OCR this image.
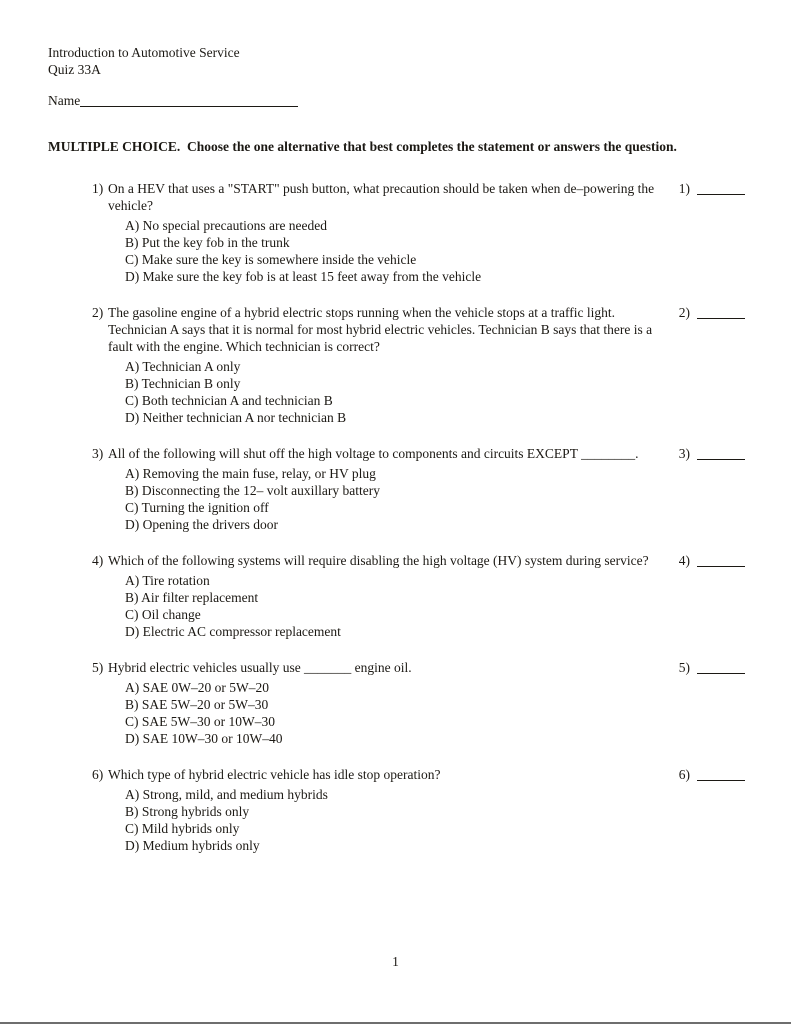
Introduction to Automotive Service
Quiz 33A
Name
MULTIPLE CHOICE.  Choose the one alternative that best completes the statement or answers the question.
1) On a HEV that uses a "START" push button, what precaution should be taken when de–powering the vehicle?
A) No special precautions are needed
B) Put the key fob in the trunk
C) Make sure the key is somewhere inside the vehicle
D) Make sure the key fob is at least 15 feet away from the vehicle
1)
2) The gasoline engine of a hybrid electric stops running when the vehicle stops at a traffic light. Technician A says that it is normal for most hybrid electric vehicles. Technician B says that there is a fault with the engine. Which technician is correct?
A) Technician A only
B) Technician B only
C) Both technician A and technician B
D) Neither technician A nor technician B
2)
3) All of the following will shut off the high voltage to components and circuits EXCEPT ________.
A) Removing the main fuse, relay, or HV plug
B) Disconnecting the 12– volt auxillary battery
C) Turning the ignition off
D) Opening the drivers door
3)
4) Which of the following systems will require disabling the high voltage (HV) system during service?
A) Tire rotation
B) Air filter replacement
C) Oil change
D) Electric AC compressor replacement
4)
5) Hybrid electric vehicles usually use _______ engine oil.
A) SAE 0W–20 or 5W–20
B) SAE 5W–20 or 5W–30
C) SAE 5W–30 or 10W–30
D) SAE 10W–30 or 10W–40
5)
6) Which type of hybrid electric vehicle has idle stop operation?
A) Strong, mild, and medium hybrids
B) Strong hybrids only
C) Mild hybrids only
D) Medium hybrids only
6)
1
